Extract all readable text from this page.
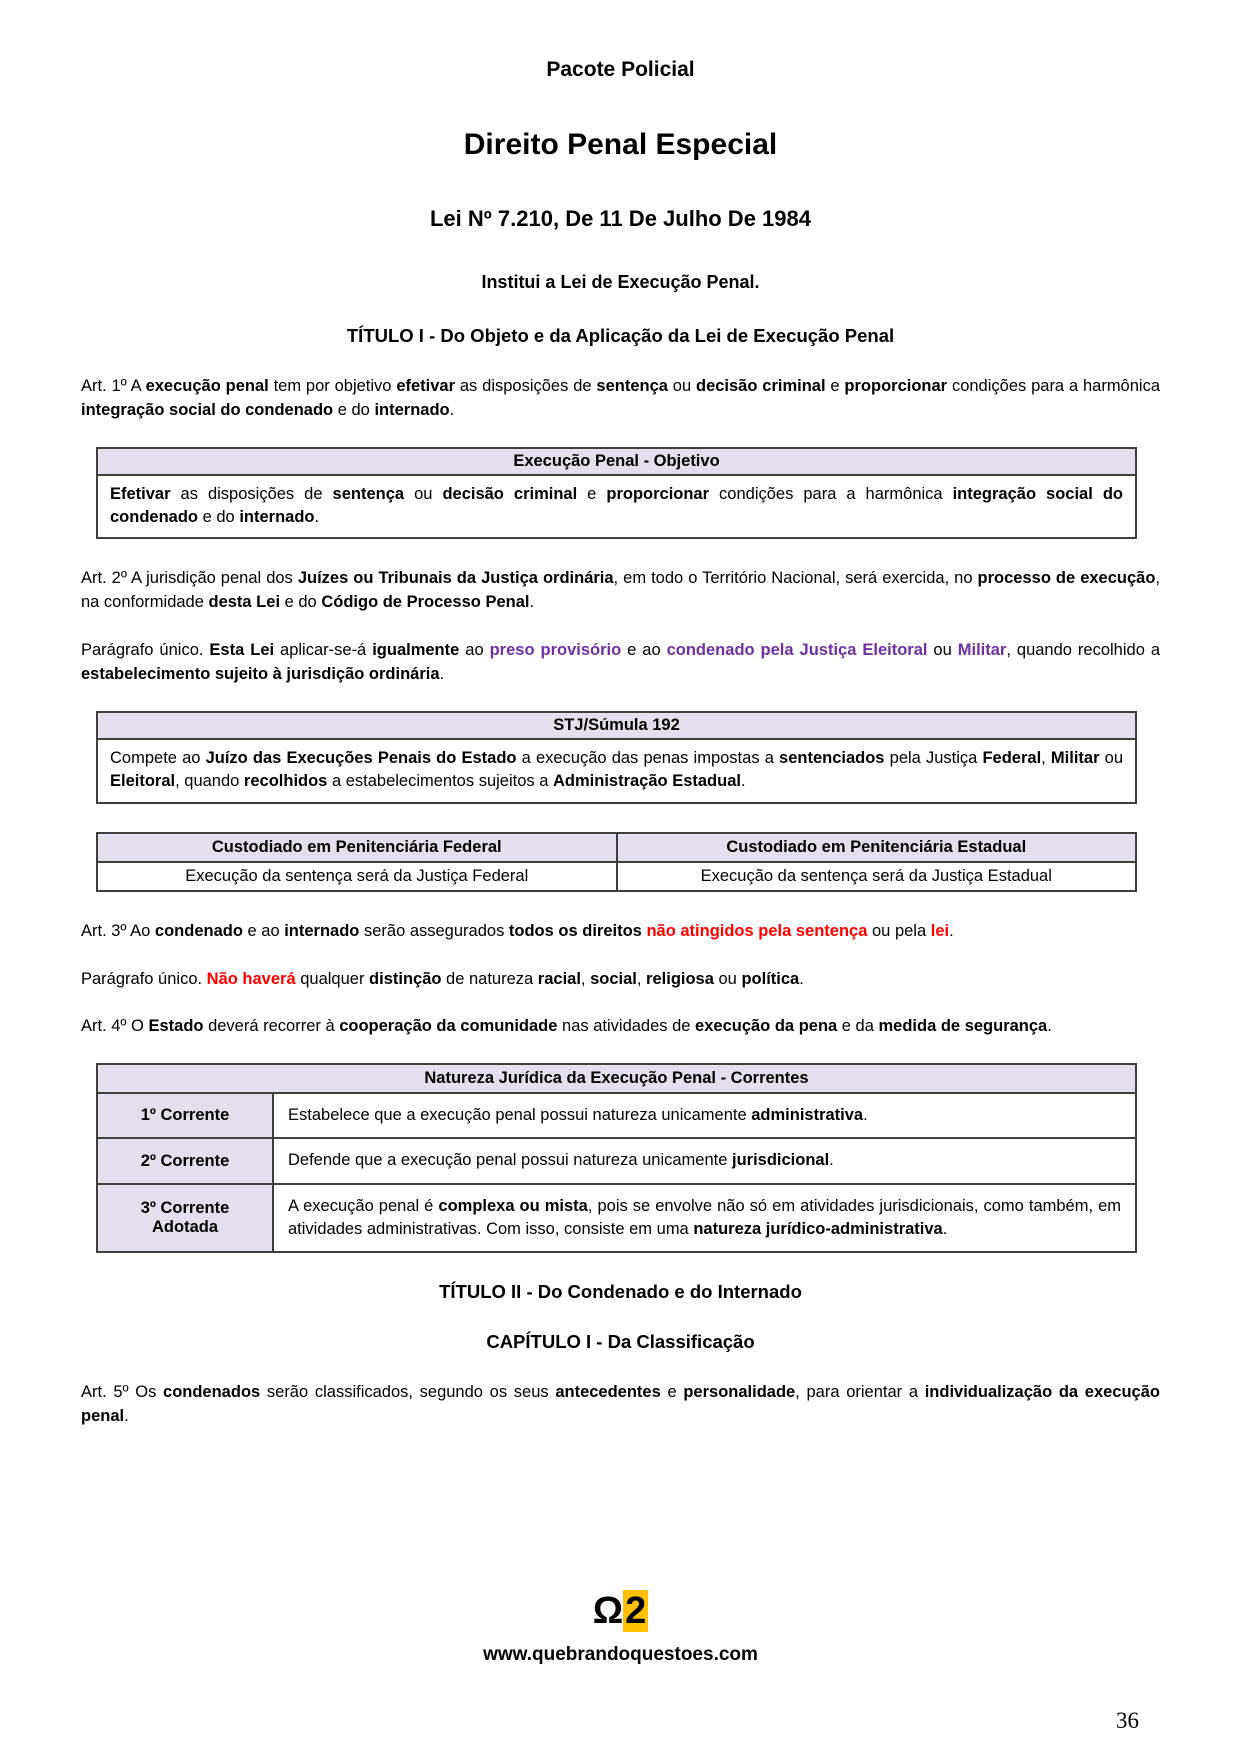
Pacote Policial
Direito Penal Especial
Lei Nº 7.210, De 11 De Julho De 1984
Institui a Lei de Execução Penal.
TÍTULO I - Do Objeto e da Aplicação da Lei de Execução Penal

Art. 1º A execução penal tem por objetivo efetivar as disposições de sentença ou decisão criminal e proporcionar condições para a harmônica integração social do condenado e do internado.

Execução Penal - Objetivo
Efetivar as disposições de sentença ou decisão criminal e proporcionar condições para a harmônica integração social do condenado e do internado.

Art. 2º A jurisdição penal dos Juízes ou Tribunais da Justiça ordinária, em todo o Território Nacional, será exercida, no processo de execução, na conformidade desta Lei e do Código de Processo Penal.

Parágrafo único. Esta Lei aplicar-se-á igualmente ao preso provisório e ao condenado pela Justiça Eleitoral ou Militar, quando recolhido a estabelecimento sujeito à jurisdição ordinária.

STJ/Súmula 192
Compete ao Juízo das Execuções Penais do Estado a execução das penas impostas a sentenciados pela Justiça Federal, Militar ou Eleitoral, quando recolhidos a estabelecimentos sujeitos a Administração Estadual.
Custodiado em Penitenciária Federal	Custodiado em Penitenciária Estadual
Execução da sentença será da Justiça Federal	Execução da sentença será da Justiça Estadual

Art. 3º Ao condenado e ao internado serão assegurados todos os direitos não atingidos pela sentença ou pela lei.

Parágrafo único. Não haverá qualquer distinção de natureza racial, social, religiosa ou política.

Art. 4º O Estado deverá recorrer à cooperação da comunidade nas atividades de execução da pena e da medida de segurança.

Natureza Jurídica da Execução Penal - Correntes	
1º Corrente	Estabelece que a execução penal possui natureza unicamente administrativa.
2º Corrente	Defende que a execução penal possui natureza unicamente jurisdicional.
3º Corrente Adotada	A execução penal é complexa ou mista, pois se envolve não só em atividades jurisdicionais, como também, em atividades administrativas. Com isso, consiste em uma natureza jurídico-administrativa.
TÍTULO II - Do Condenado e do Internado
CAPÍTULO I - Da Classificação

Art. 5º Os condenados serão classificados, segundo os seus antecedentes e personalidade, para orientar a individualização da execução penal.

Ω2
www.quebrandoquestoes.com
36
